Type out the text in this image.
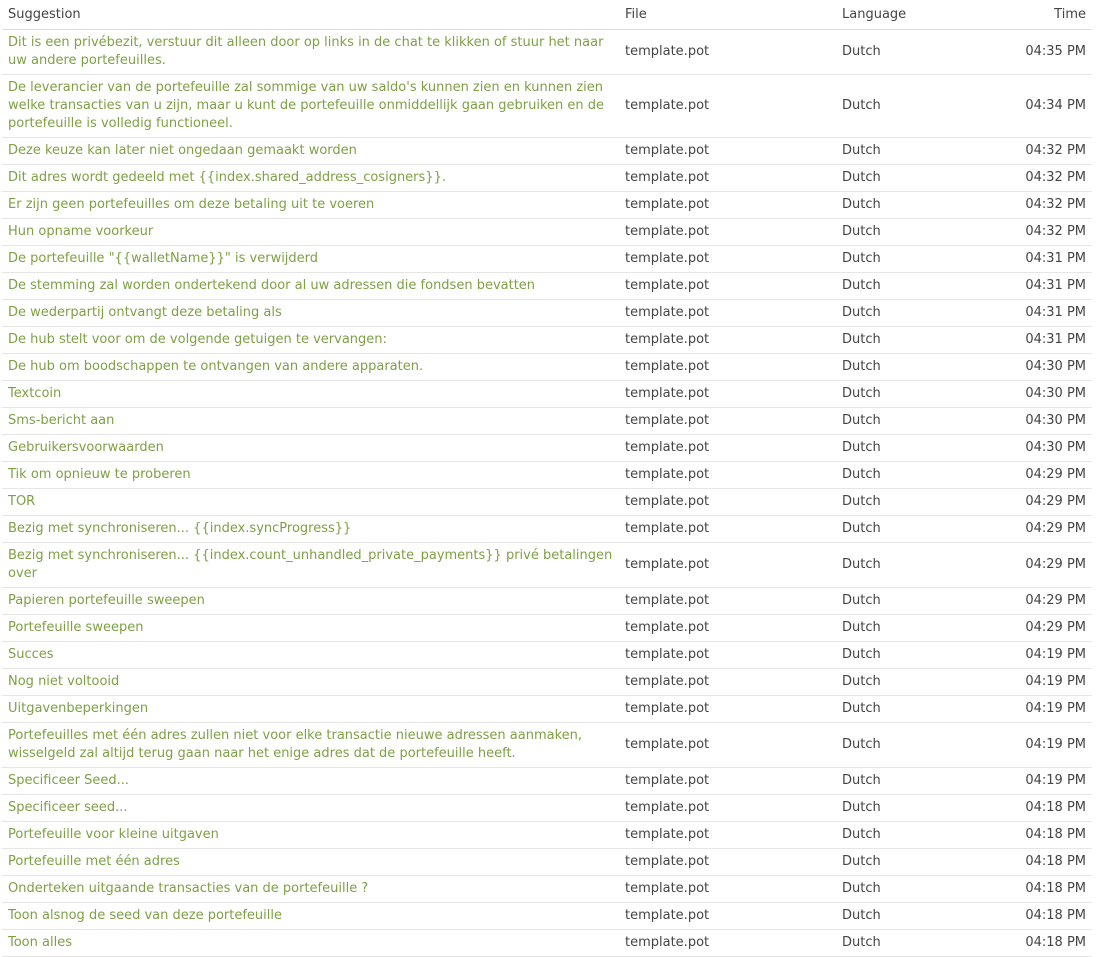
Suggestion	File	Language	Time
Dit is een privébezit, verstuur dit alleen door op links in de chat te klikken of stuur het naar uw andere portefeuilles.	template.pot	Dutch	04:35 PM
De leverancier van de portefeuille zal sommige van uw saldo's kunnen zien en kunnen zien welke transacties van u zijn, maar u kunt de portefeuille onmiddellijk gaan gebruiken en de portefeuille is volledig functioneel.	template.pot	Dutch	04:34 PM
Deze keuze kan later niet ongedaan gemaakt worden	template.pot	Dutch	04:32 PM
Dit adres wordt gedeeld met {{index.shared_address_cosigners}}.	template.pot	Dutch	04:32 PM
Er zijn geen portefeuilles om deze betaling uit te voeren	template.pot	Dutch	04:32 PM
Hun opname voorkeur	template.pot	Dutch	04:32 PM
De portefeuille "{{walletName}}" is verwijderd	template.pot	Dutch	04:31 PM
De stemming zal worden ondertekend door al uw adressen die fondsen bevatten	template.pot	Dutch	04:31 PM
De wederpartij ontvangt deze betaling als	template.pot	Dutch	04:31 PM
De hub stelt voor om de volgende getuigen te vervangen:	template.pot	Dutch	04:31 PM
De hub om boodschappen te ontvangen van andere apparaten.	template.pot	Dutch	04:30 PM
Textcoin	template.pot	Dutch	04:30 PM
Sms-bericht aan	template.pot	Dutch	04:30 PM
Gebruikersvoorwaarden	template.pot	Dutch	04:30 PM
Tik om opnieuw te proberen	template.pot	Dutch	04:29 PM
TOR	template.pot	Dutch	04:29 PM
Bezig met synchroniseren... {{index.syncProgress}}	template.pot	Dutch	04:29 PM
Bezig met synchroniseren... {{index.count_unhandled_private_payments}} privé betalingen over	template.pot	Dutch	04:29 PM
Papieren portefeuille sweepen	template.pot	Dutch	04:29 PM
Portefeuille sweepen	template.pot	Dutch	04:29 PM
Succes	template.pot	Dutch	04:19 PM
Nog niet voltooid	template.pot	Dutch	04:19 PM
Uitgavenbeperkingen	template.pot	Dutch	04:19 PM
Portefeuilles met één adres zullen niet voor elke transactie nieuwe adressen aanmaken, wisselgeld zal altijd terug gaan naar het enige adres dat de portefeuille heeft.	template.pot	Dutch	04:19 PM
Specificeer Seed...	template.pot	Dutch	04:19 PM
Specificeer seed...	template.pot	Dutch	04:18 PM
Portefeuille voor kleine uitgaven	template.pot	Dutch	04:18 PM
Portefeuille met één adres	template.pot	Dutch	04:18 PM
Onderteken uitgaande transacties van de portefeuille ?	template.pot	Dutch	04:18 PM
Toon alsnog de seed van deze portefeuille	template.pot	Dutch	04:18 PM
Toon alles	template.pot	Dutch	04:18 PM
